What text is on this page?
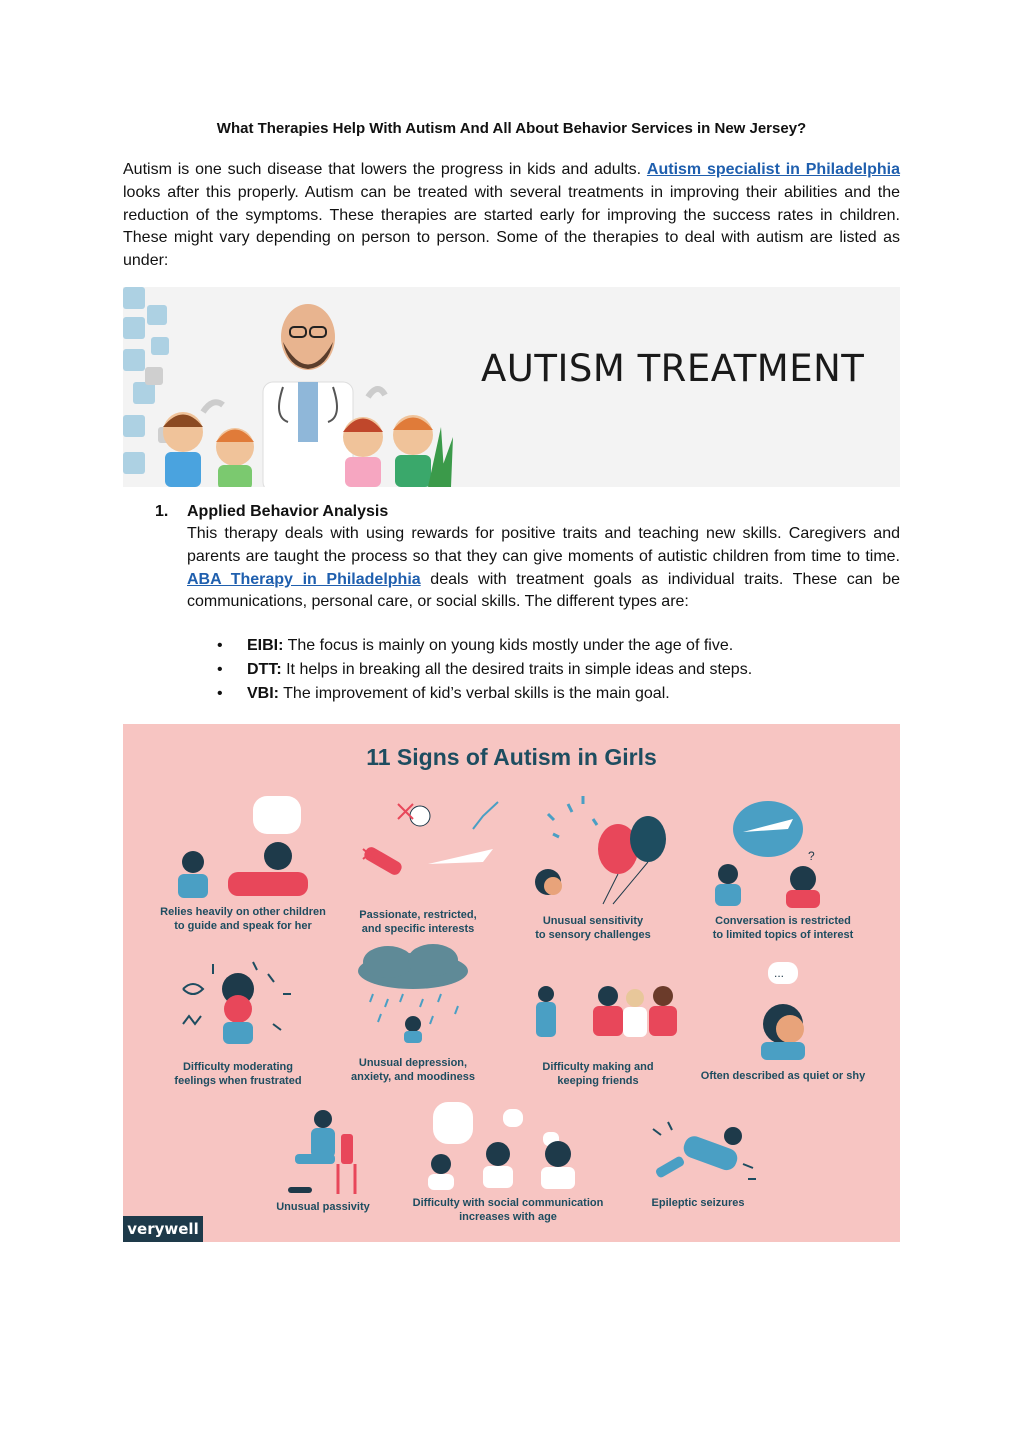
What Therapies Help With Autism And All About Behavior Services in New Jersey?

Autism is one such disease that lowers the progress in kids and adults. Autism specialist in Philadelphia looks after this properly. Autism can be treated with several treatments in improving their abilities and the reduction of the symptoms. These therapies are started early for improving the success rates in children. These might vary depending on person to person. Some of the therapies to deal with autism are listed as under:

AUTISM TREATMENT
1. Applied Behavior Analysis
This therapy deals with using rewards for positive traits and teaching new skills. Caregivers and parents are taught the process so that they can give moments of autistic children from time to time. ABA Therapy in Philadelphia deals with treatment goals as individual traits. These can be communications, personal care, or social skills. The different types are:
• EIBI: The focus is mainly on young kids mostly under the age of five.
• DTT: It helps in breaking all the desired traits in simple ideas and steps.
• VBI: The improvement of kid’s verbal skills is the main goal.
11 Signs of Autism in Girls
?
...
Relies heavily on other children
to guide and speak for her
Passionate, restricted,
and specific interests
Unusual sensitivity
to sensory challenges
Conversation is restricted
to limited topics of interest
Difficulty moderating
feelings when frustrated
Unusual depression,
anxiety, and moodiness
Difficulty making and
keeping friends	Often described as quiet or shy
Unusual passivity	Difficulty with social communication
increases with age
Epileptic seizures
verywell
